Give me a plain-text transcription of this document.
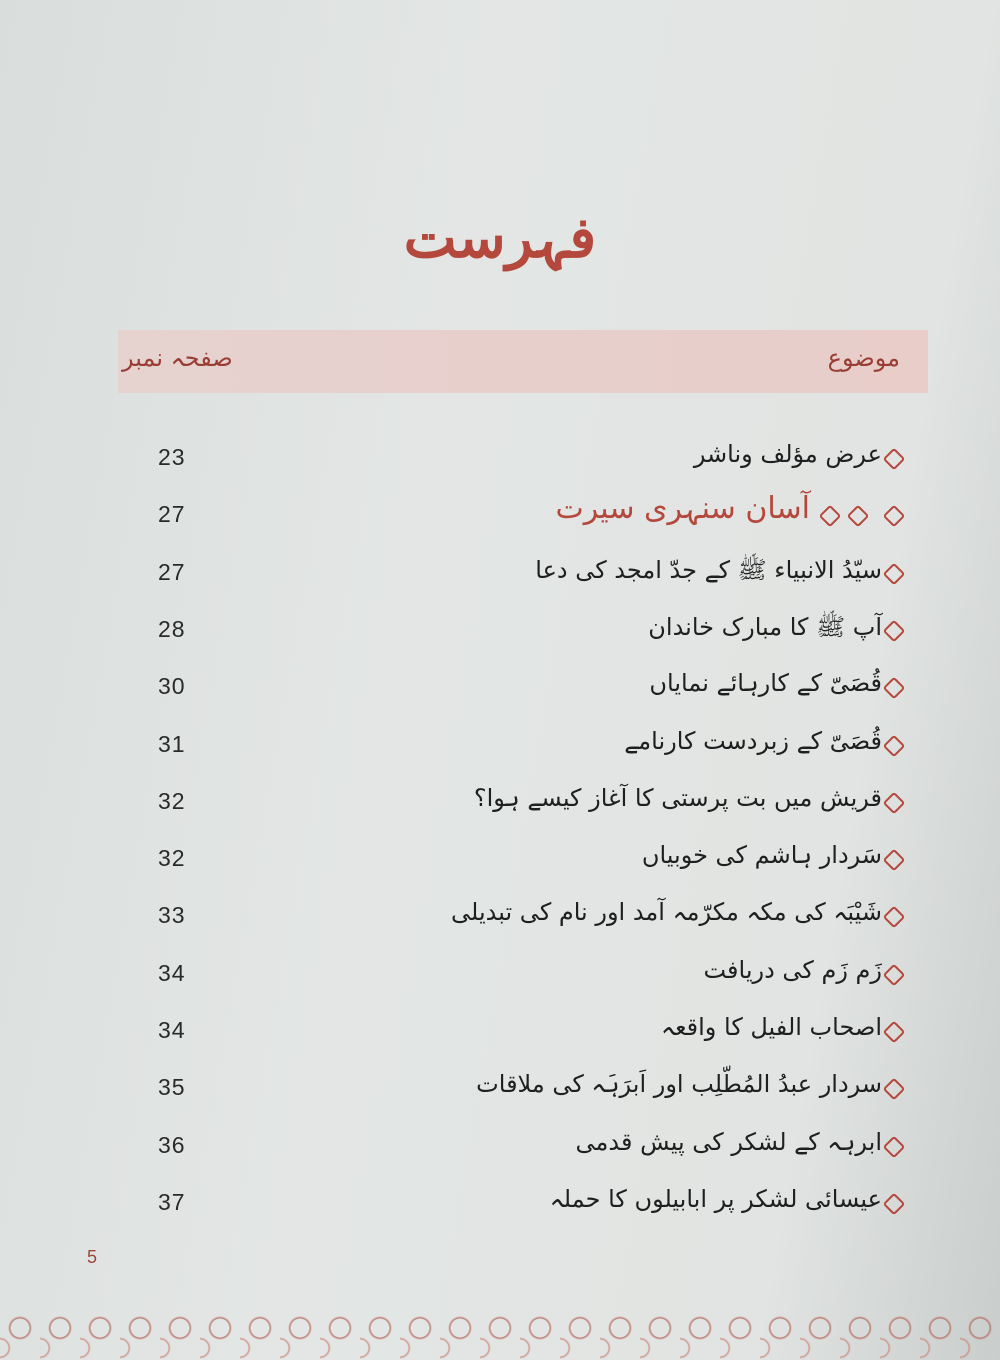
فہرست
موضوع
صفحہ نمبر
عرض مؤلف وناشر
23
آسان سنہری سیرت
27
سیّدُ الانبیاء ﷺ کے جدّ امجد کی دعا
27
آپ ﷺ کا مبارک خاندان
28
قُصَیّ کے کارہائے نمایاں
30
قُصَیّ کے زبردست کارنامے
31
قریش میں بت پرستی کا آغاز کیسے ہوا؟
32
سَردار ہاشم کی خوبیاں
32
شَیْبَہ کی مکہ مکرّمہ آمد اور نام کی تبدیلی
33
زَم زَم کی دریافت
34
اصحاب الفیل کا واقعہ
34
سردار عبدُ المُطّلِب اور اَبرَہَہ کی ملاقات
35
ابرہہ کے لشکر کی پیش قدمی
36
عیسائی لشکر پر ابابیلوں کا حملہ
37
5
